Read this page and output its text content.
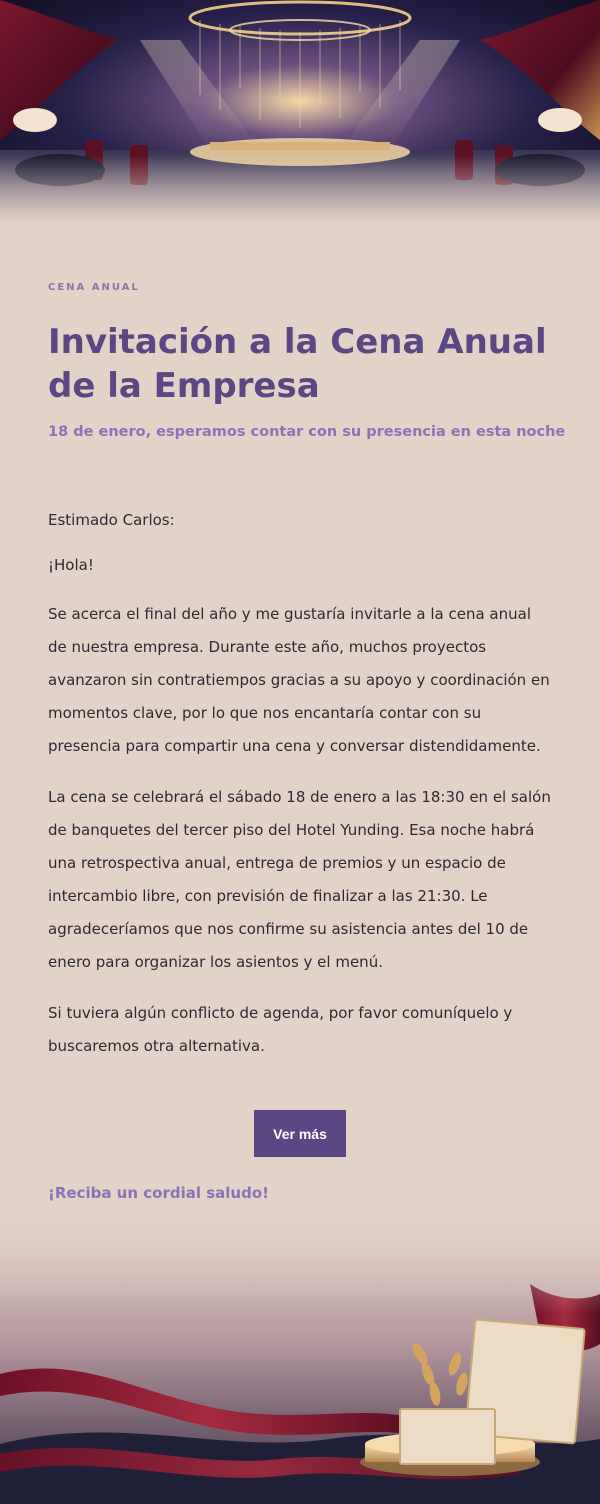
CENA ANUAL

Invitación a la Cena Anual de la Empresa

18 de enero, esperamos contar con su presencia en esta noche

Estimado Carlos:

¡Hola!

Se acerca el final del año y me gustaría invitarle a la cena anual de nuestra empresa. Durante este año, muchos proyectos avanzaron sin contratiempos gracias a su apoyo y coordinación en momentos clave, por lo que nos encantaría contar con su presencia para compartir una cena y conversar distendidamente.

La cena se celebrará el sábado 18 de enero a las 18:30 en el salón de banquetes del tercer piso del Hotel Yunding. Esa noche habrá una retrospectiva anual, entrega de premios y un espacio de intercambio libre, con previsión de finalizar a las 21:30. Le agradeceríamos que nos confirme su asistencia antes del 10 de enero para organizar los asientos y el menú.

Si tuviera algún conflicto de agenda, por favor comuníquelo y buscaremos otra alternativa.

Ver más

¡Reciba un cordial saludo!
